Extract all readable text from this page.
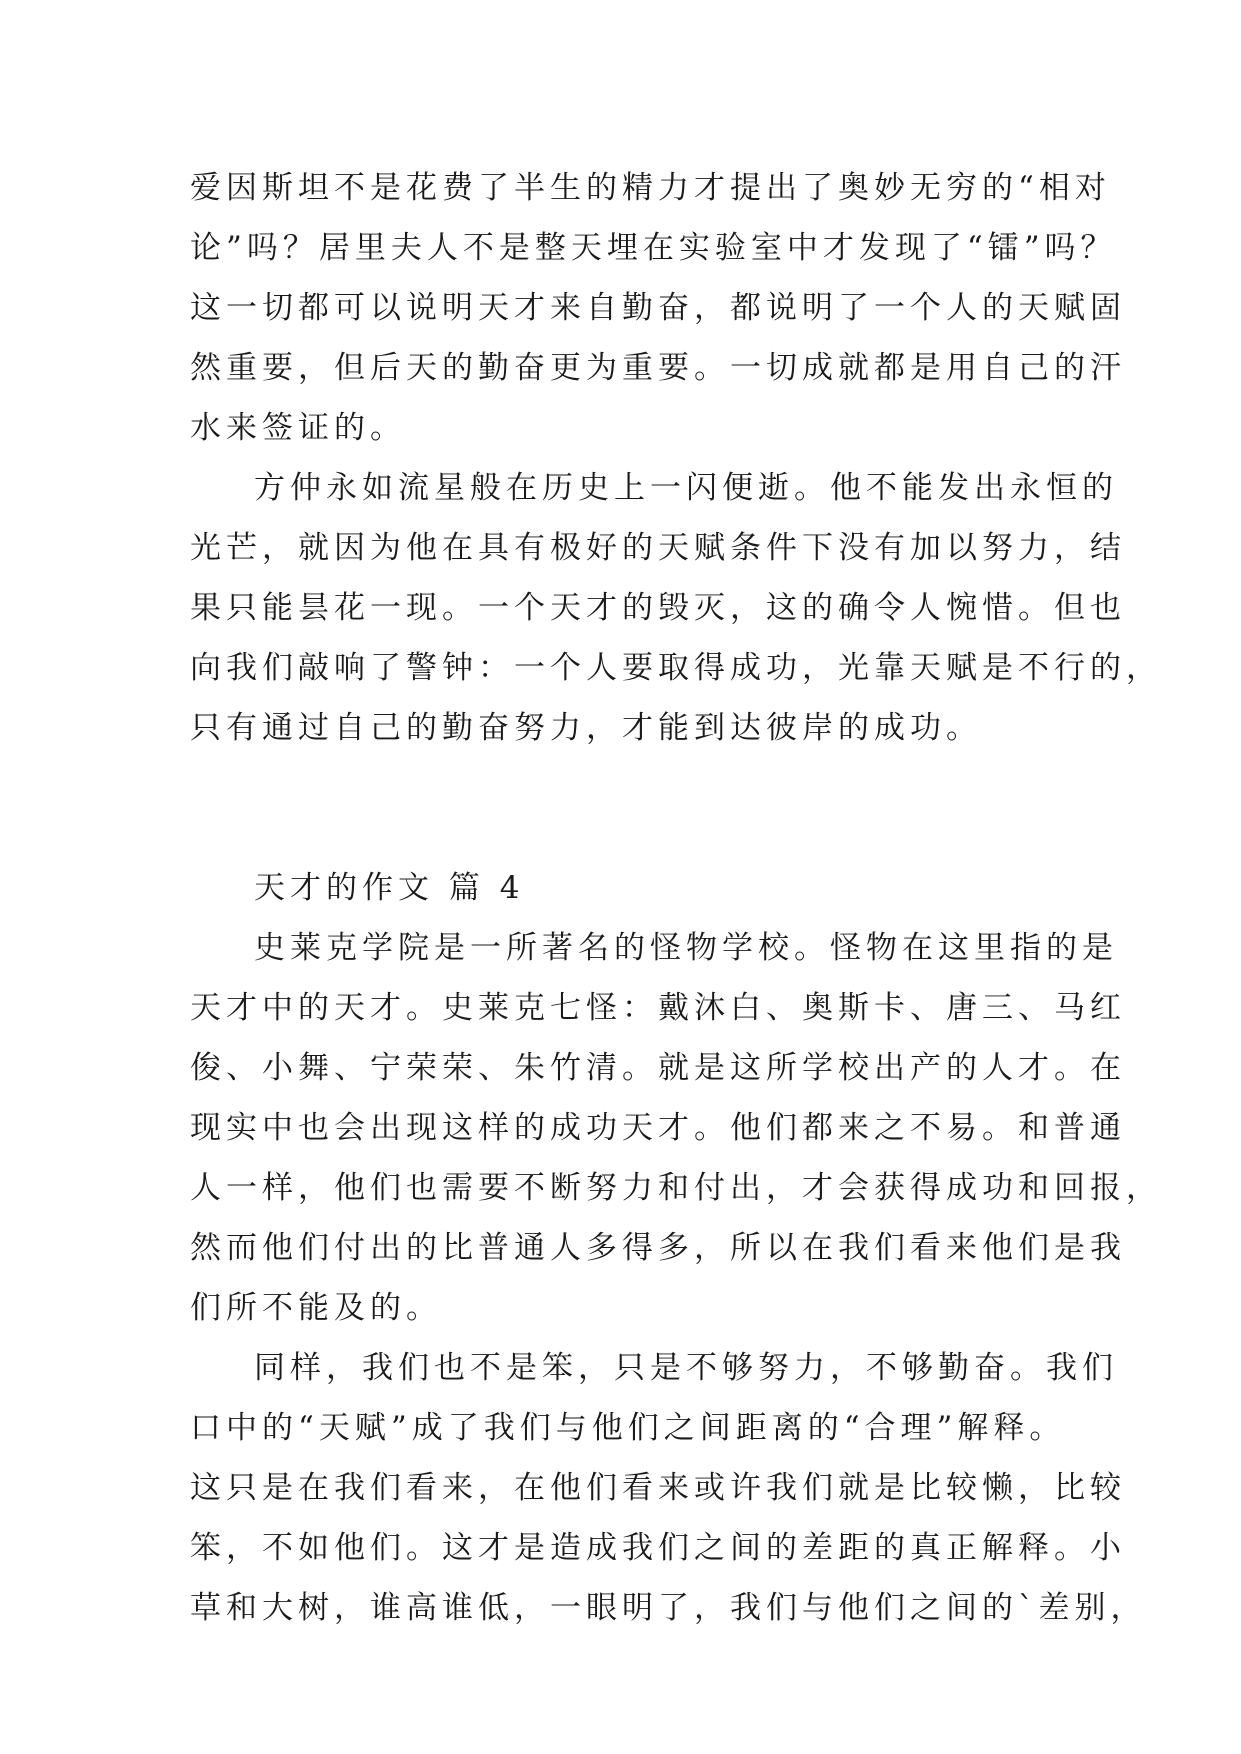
爱因斯坦不是花费了半生的精力才提出了奥妙无穷的“相对
论”吗？居里夫人不是整天埋在实验室中才发现了“镭”吗？
这一切都可以说明天才来自勤奋，都说明了一个人的天赋固
然重要，但后天的勤奋更为重要。一切成就都是用自己的汗
水来签证的。
方仲永如流星般在历史上一闪便逝。他不能发出永恒的
光芒，就因为他在具有极好的天赋条件下没有加以努力，结
果只能昙花一现。一个天才的毁灭，这的确令人惋惜。但也
向我们敲响了警钟：一个人要取得成功，光靠天赋是不行的，
只有通过自己的勤奋努力，才能到达彼岸的成功。
天才的作文 篇 4
史莱克学院是一所著名的怪物学校。怪物在这里指的是
天才中的天才。史莱克七怪：戴沐白、奥斯卡、唐三、马红
俊、小舞、宁荣荣、朱竹清。就是这所学校出产的人才。在
现实中也会出现这样的成功天才。他们都来之不易。和普通
人一样，他们也需要不断努力和付出，才会获得成功和回报，
然而他们付出的比普通人多得多，所以在我们看来他们是我
们所不能及的。
同样，我们也不是笨，只是不够努力，不够勤奋。我们
口中的“天赋”成了我们与他们之间距离的“合理”解释。
这只是在我们看来，在他们看来或许我们就是比较懒，比较
笨，不如他们。这才是造成我们之间的差距的真正解释。小
草和大树，谁高谁低，一眼明了，我们与他们之间的`差别，
